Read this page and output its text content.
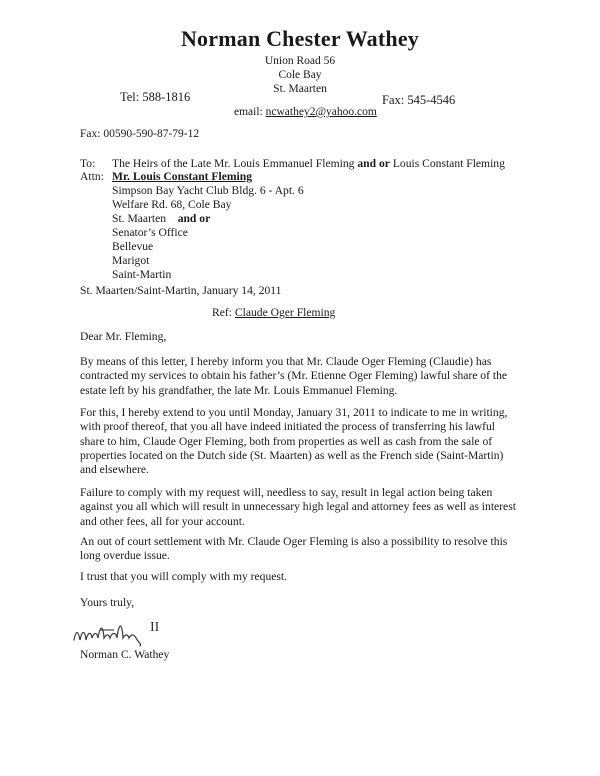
Norman Chester Wathey
Union Road 56
Cole Bay
St. Maarten
Tel: 588-1816	Fax: 545-4546
email: ncwathey2@yahoo.com
Fax: 00590-590-87-79-12
To: The Heirs of the Late Mr. Louis Emmanuel Fleming and or Louis Constant Fleming
Attn: Mr. Louis Constant Fleming
Simpson Bay Yacht Club Bldg. 6 - Apt. 6
Welfare Rd. 68, Cole Bay
St. Maarten and or
Senator’s Office
Bellevue
Marigot
Saint-Martin
St. Maarten/Saint-Martin, January 14, 2011
Ref: Claude Oger Fleming
Dear Mr. Fleming,
By means of this letter, I hereby inform you that Mr. Claude Oger Fleming (Claudie) has
contracted my services to obtain his father’s (Mr. Etienne Oger Fleming) lawful share of the
estate left by his grandfather, the late Mr. Louis Emmanuel Fleming.
For this, I hereby extend to you until Monday, January 31, 2011 to indicate to me in writing,
with proof thereof, that you all have indeed initiated the process of transferring his lawful
share to him, Claude Oger Fleming, both from properties as well as cash from the sale of
properties located on the Dutch side (St. Maarten) as well as the French side (Saint-Martin)
and elsewhere.
Failure to comply with my request will, needless to say, result in legal action being taken
against you all which will result in unnecessary high legal and attorney fees as well as interest
and other fees, all for your account.
An out of court settlement with Mr. Claude Oger Fleming is also a possibility to resolve this
long overdue issue.
I trust that you will comply with my request.
Yours truly,
II
Norman C. Wathey
